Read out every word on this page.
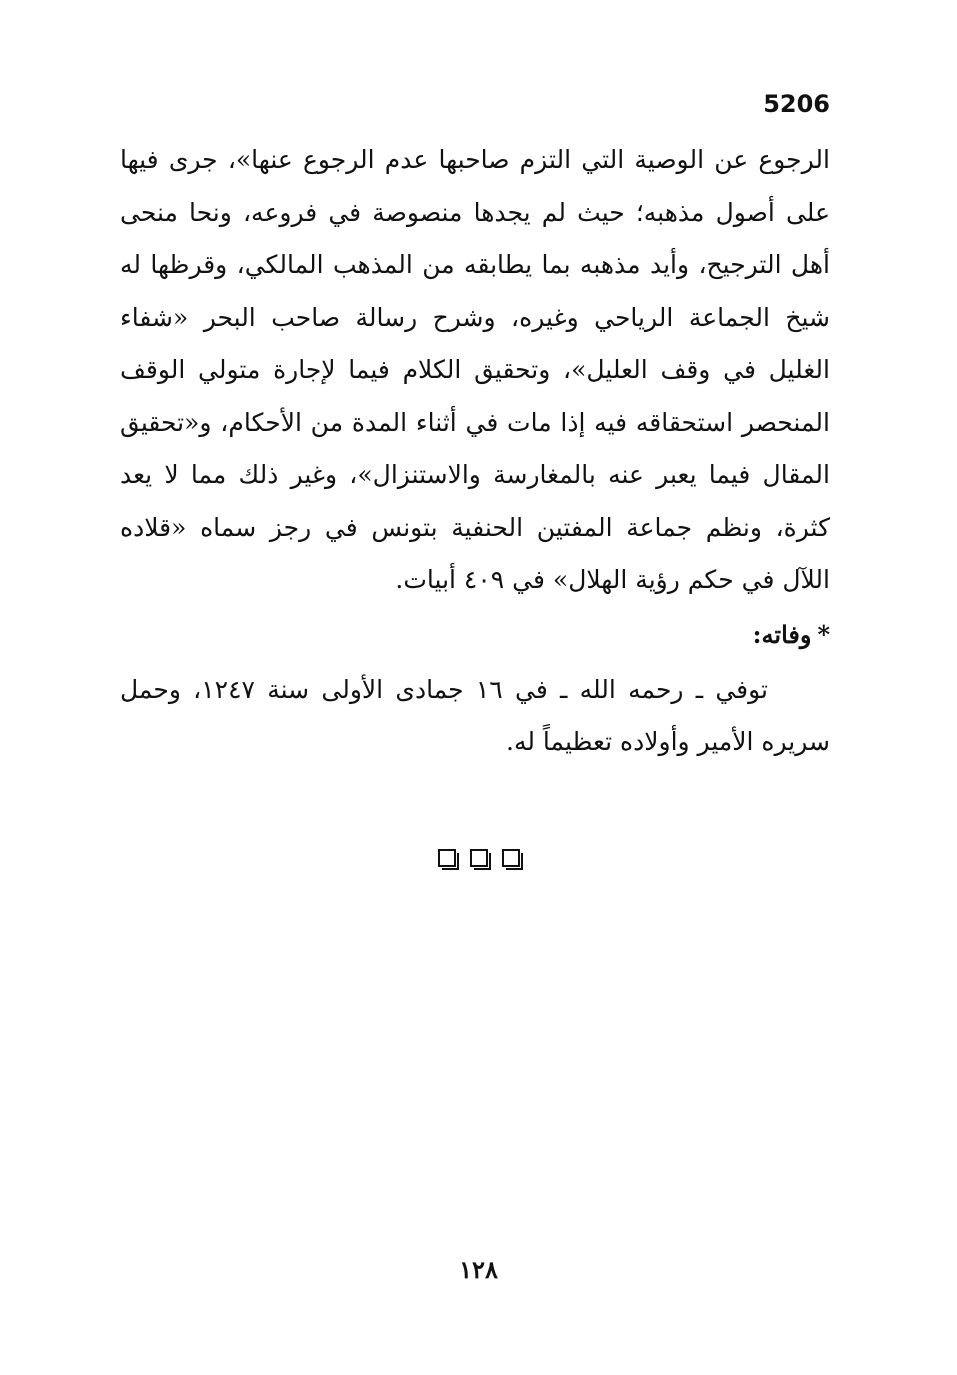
5206

الرجوع عن الوصية التي التزم صاحبها عدم الرجوع عنها»، جرى فيها على أصول مذهبه؛ حيث لم يجدها منصوصة في فروعه، ونحا منحى أهل الترجيح، وأيد مذهبه بما يطابقه من المذهب المالكي، وقرظها له شيخ الجماعة الرياحي وغيره، وشرح رسالة صاحب البحر «شفاء الغليل في وقف العليل»، وتحقيق الكلام فيما لإجارة متولي الوقف المنحصر استحقاقه فيه إذا مات في أثناء المدة من الأحكام، و«تحقيق المقال فيما يعبر عنه بالمغارسة والاستنزال»، وغير ذلك مما لا يعد كثرة، ونظم جماعة المفتين الحنفية بتونس في رجز سماه «قلاده اللآل في حكم رؤية الهلال» في ٤٠٩ أبيات.

*وفاته:

توفي ـ رحمه الله ـ في ١٦ جمادى الأولى سنة ١٢٤٧، وحمل سريره الأمير وأولاده تعظيماً له.

١٢٨
